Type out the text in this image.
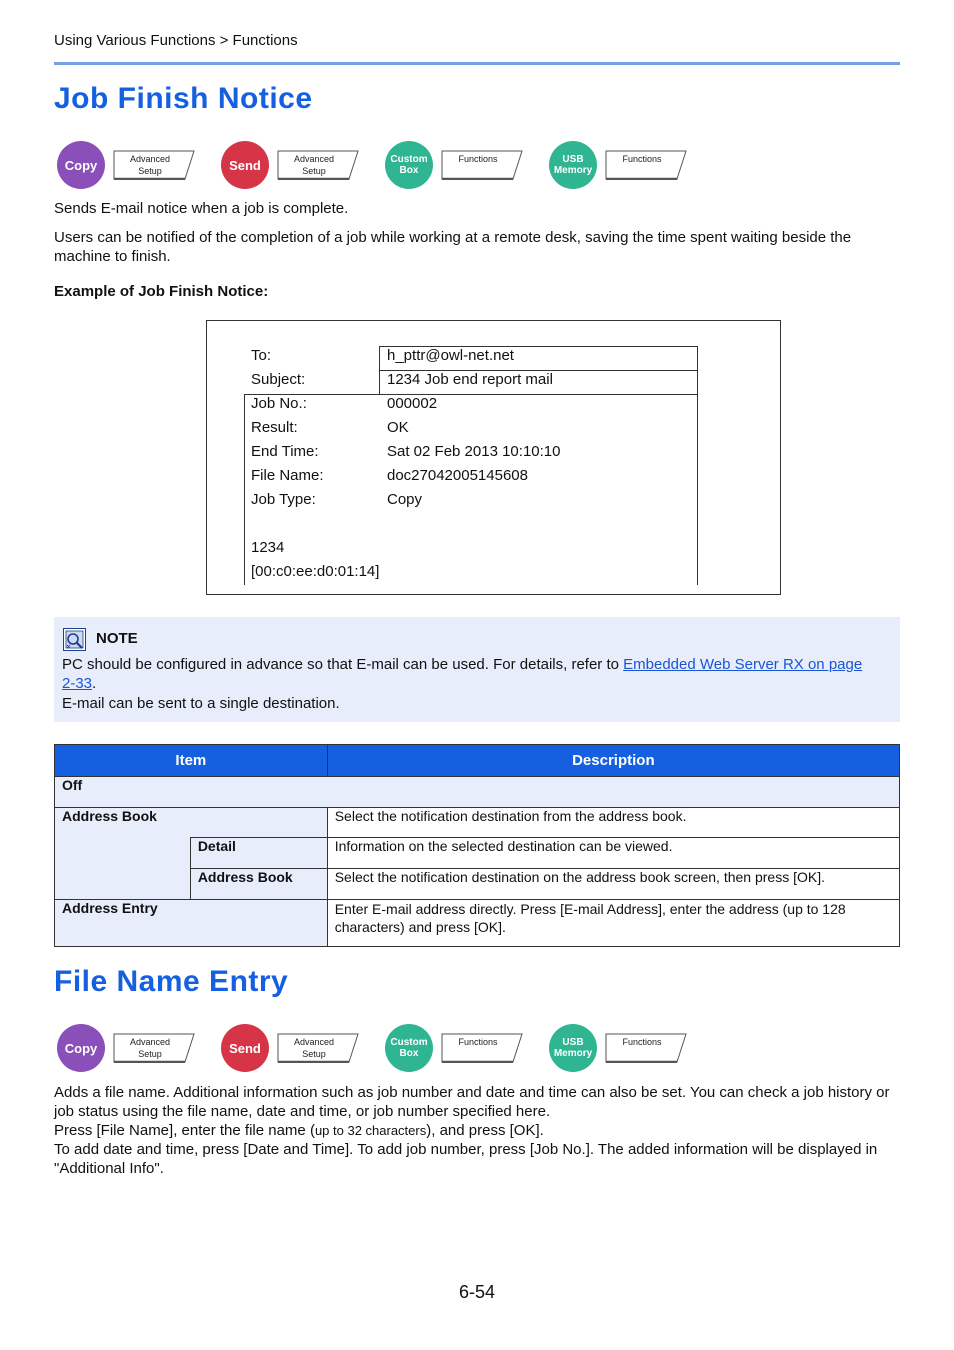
Using Various Functions > Functions
Job Finish Notice
Copy	Advanced
Setup	Send	Advanced
Setup
Custom
Box
Functions	USB
Memory
Functions
Sends E-mail notice when a job is complete.
Users can be notified of the completion of a job while working at a remote desk, saving the time spent waiting beside the machine to finish.
Example of Job Finish Notice:
To:	h_pttr@owl-net.net
Subject:	1234 Job end report mail
Job No.:	000002
Result:	OK
End Time:	Sat 02 Feb 2013 10:10:10
File Name:	doc27042005145608
Job Type:	Copy
1234
[00:c0:ee:d0:01:14]
NOTE
PC should be configured in advance so that E-mail can be used. For details, refer to Embedded Web Server RX on page
2-33.
E-mail can be sent to a single destination.
Item		Description
Off		
Address Book		Select the notification destination from the address book.
	Detail	Information on the selected destination can be viewed.
	Address Book	Select the notification destination on the address book screen, then press [OK].
Address Entry		Enter E-mail address directly. Press [E-mail Address], enter the address (up to 128 characters) and press [OK].
File Name Entry
Copy	Advanced
Setup	Send	Advanced
Setup
Custom
Box
Functions	USB
Memory
Functions
Adds a file name. Additional information such as job number and date and time can also be set. You can check a job history or job status using the file name, date and time, or job number specified here.
Press [File Name], enter the file name (up to 32 characters), and press [OK].
To add date and time, press [Date and Time]. To add job number, press [Job No.]. The added information will be displayed in "Additional Info".
6-54
